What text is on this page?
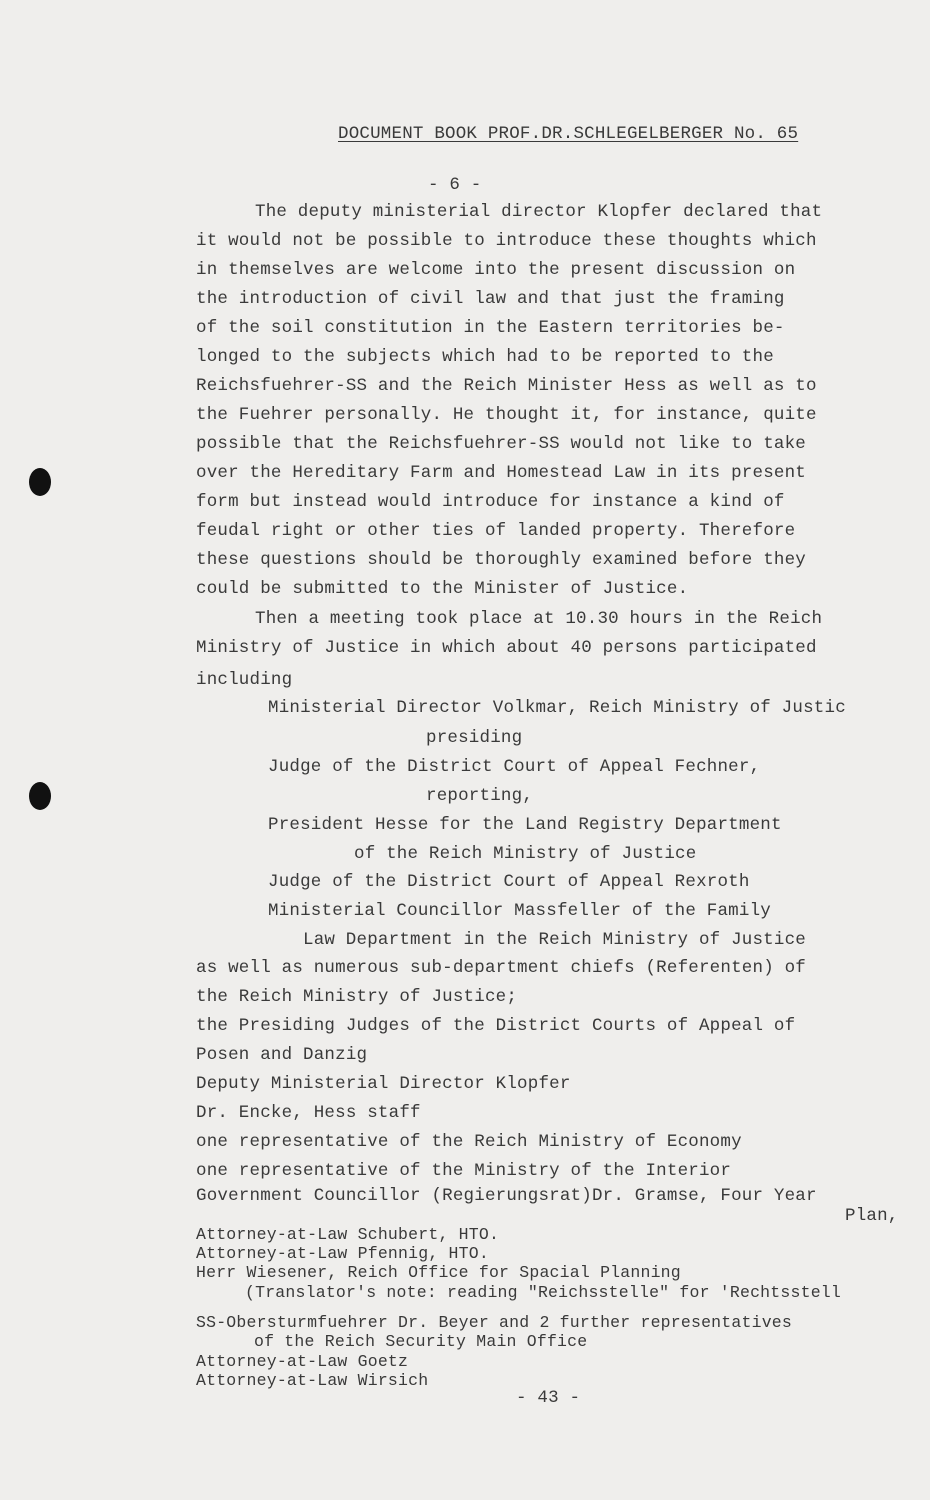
DOCUMENT BOOK PROF.DR.SCHLEGELBERGER No. 65
- 6 -
The deputy ministerial director Klopfer declared that
it would not be possible to introduce these thoughts which
in themselves are welcome into the present discussion on
the introduction of civil law and that just the framing
of the soil constitution in the Eastern territories be-
longed to the subjects which had to be reported to the
Reichsfuehrer-SS and the Reich Minister Hess as well as to
the Fuehrer personally. He thought it, for instance, quite
possible that the Reichsfuehrer-SS would not like to take
over the Hereditary Farm and Homestead Law in its present
form but instead would introduce for instance a kind of
feudal right or other ties of landed property. Therefore
these questions should be thoroughly examined before they
could be submitted to the Minister of Justice.
Then a meeting took place at 10.30 hours in the Reich
Ministry of Justice in which about 40 persons participated
including
Ministerial Director Volkmar, Reich Ministry of Justic
presiding
Judge of the District Court of Appeal Fechner,
reporting,
President Hesse for the Land Registry Department
of the Reich Ministry of Justice
Judge of the District Court of Appeal Rexroth
Ministerial Councillor Massfeller of the Family
Law Department in the Reich Ministry of Justice
as well as numerous sub-department chiefs (Referenten) of
the Reich Ministry of Justice;
the Presiding Judges of the District Courts of Appeal of
Posen and Danzig
Deputy Ministerial Director Klopfer
Dr. Encke, Hess staff
one representative of the Reich Ministry of Economy
one representative of the Ministry of the Interior
Government Councillor (Regierungsrat)Dr. Gramse, Four Year
Plan,
Attorney-at-Law Schubert, HTO.
Attorney-at-Law Pfennig, HTO.
Herr Wiesener, Reich Office for Spacial Planning
(Translator's note: reading "Reichsstelle" for 'Rechtsstell
SS-Obersturmfuehrer Dr. Beyer and 2 further representatives
of the Reich Security Main Office
Attorney-at-Law Goetz
Attorney-at-Law Wirsich
- 43 -
